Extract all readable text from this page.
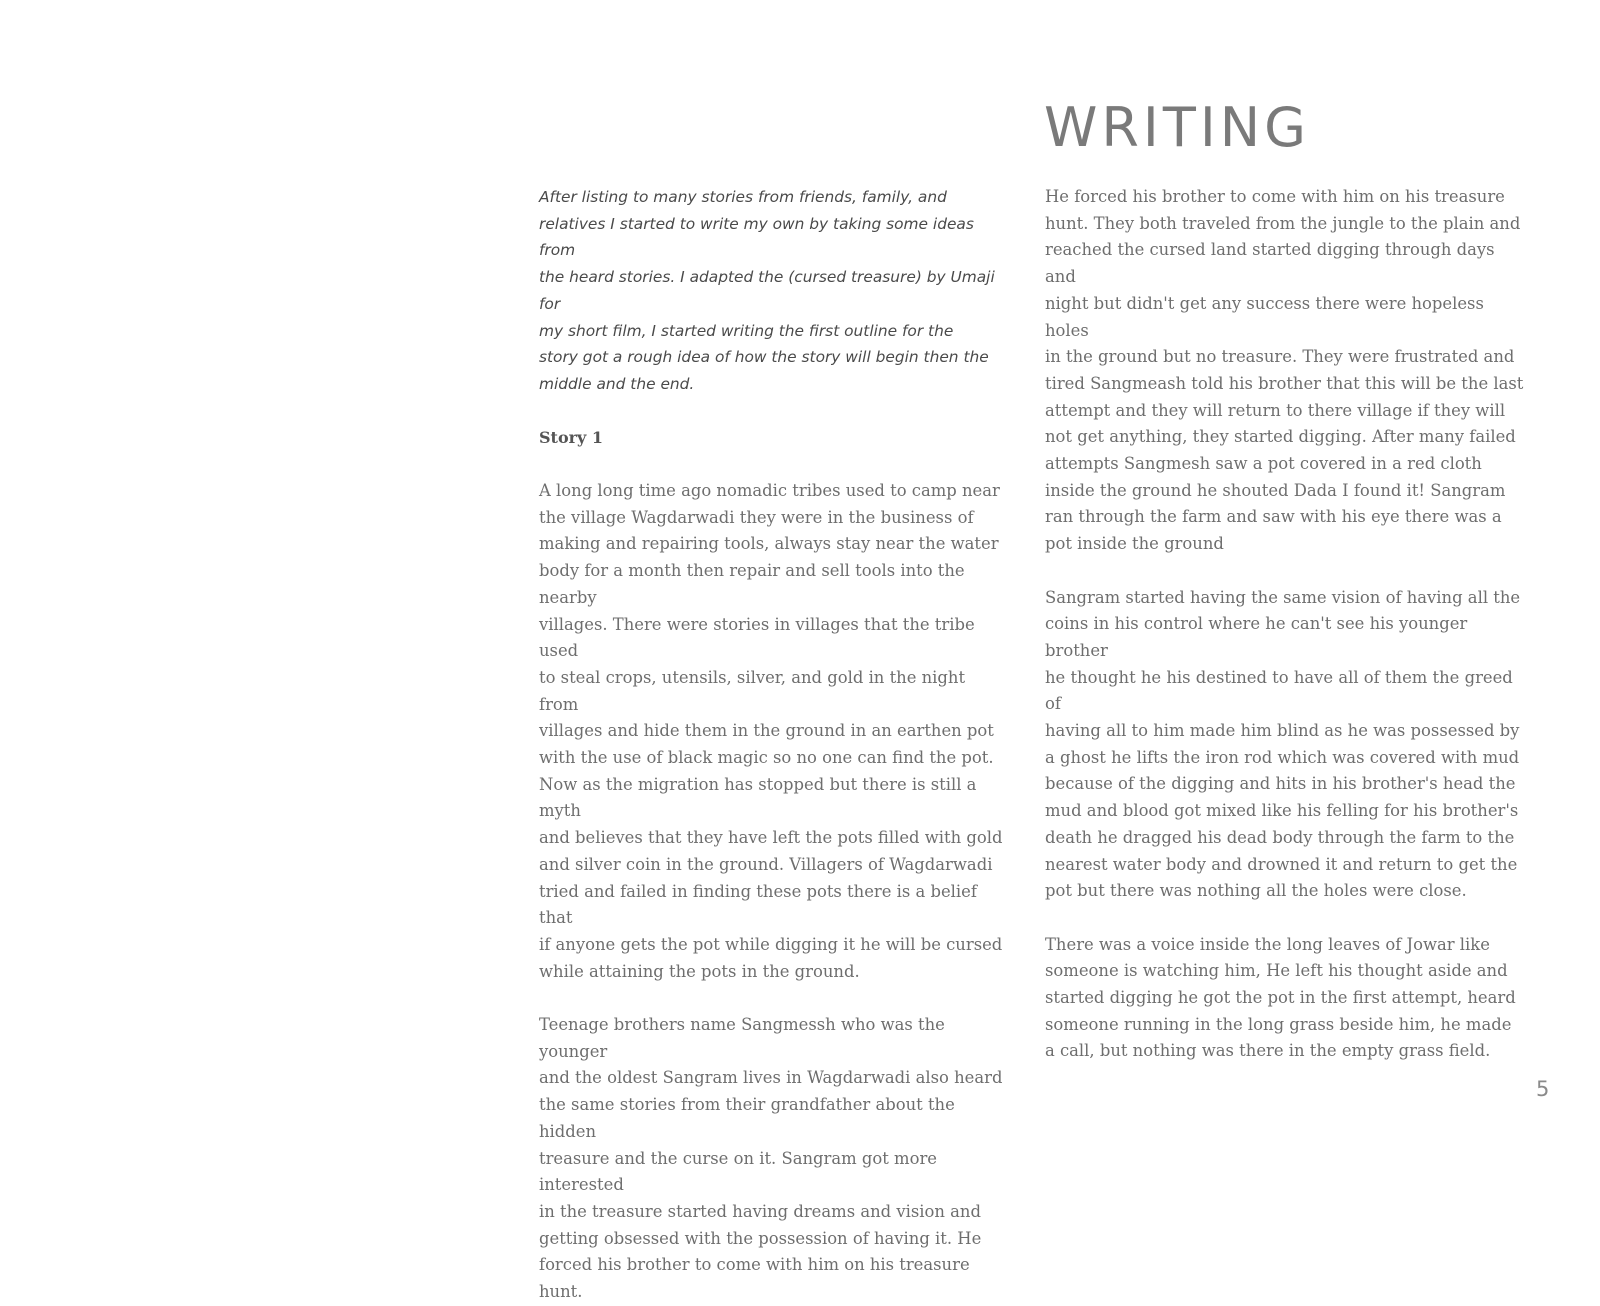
WRITING
After listing to many stories from friends, family, and
relatives I started to write my own by taking some ideas from
the heard stories. I adapted the (cursed treasure) by Umaji for
my short film, I started writing the first outline for the
story got a rough idea of how the story will begin then the
middle and the end.
Story 1
A long long time ago nomadic tribes used to camp near
the village Wagdarwadi they were in the business of
making and repairing tools, always stay near the water
body for a month then repair and sell tools into the nearby
villages. There were stories in villages that the tribe used
to steal crops, utensils, silver, and gold in the night from
villages and hide them in the ground in an earthen pot
with the use of black magic so no one can find the pot.
Now as the migration has stopped but there is still a myth
and believes that they have left the pots filled with gold
and silver coin in the ground. Villagers of Wagdarwadi
tried and failed in finding these pots there is a belief that
if anyone gets the pot while digging it he will be cursed
while attaining the pots in the ground.
Teenage brothers name Sangmessh who was the younger
and the oldest Sangram lives in Wagdarwadi also heard
the same stories from their grandfather about the hidden
treasure and the curse on it. Sangram got more interested
in the treasure started having dreams and vision and
getting obsessed with the possession of having it. He
forced his brother to come with him on his treasure hunt.
He forced his brother to come with him on his treasure
hunt. They both traveled from the jungle to the plain and
reached the cursed land started digging through days and
night but didn't get any success there were hopeless holes
in the ground but no treasure. They were frustrated and
tired Sangmeash told his brother that this will be the last
attempt and they will return to there village if they will
not get anything, they started digging. After many failed
attempts Sangmesh saw a pot covered in a red cloth
inside the ground he shouted Dada I found it! Sangram
ran through the farm and saw with his eye there was a
pot inside the ground
Sangram started having the same vision of having all the
coins in his control where he can't see his younger brother
he thought he his destined to have all of them the greed of
having all to him made him blind as he was possessed by
a ghost he lifts the iron rod which was covered with mud
because of the digging and hits in his brother's head the
mud and blood got mixed like his felling for his brother's
death he dragged his dead body through the farm to the
nearest water body and drowned it and return to get the
pot but there was nothing all the holes were close.
There was a voice inside the long leaves of Jowar like
someone is watching him, He left his thought aside and
started digging he got the pot in the first attempt, heard
someone running in the long grass beside him, he made
a call, but nothing was there in the empty grass field.
5
